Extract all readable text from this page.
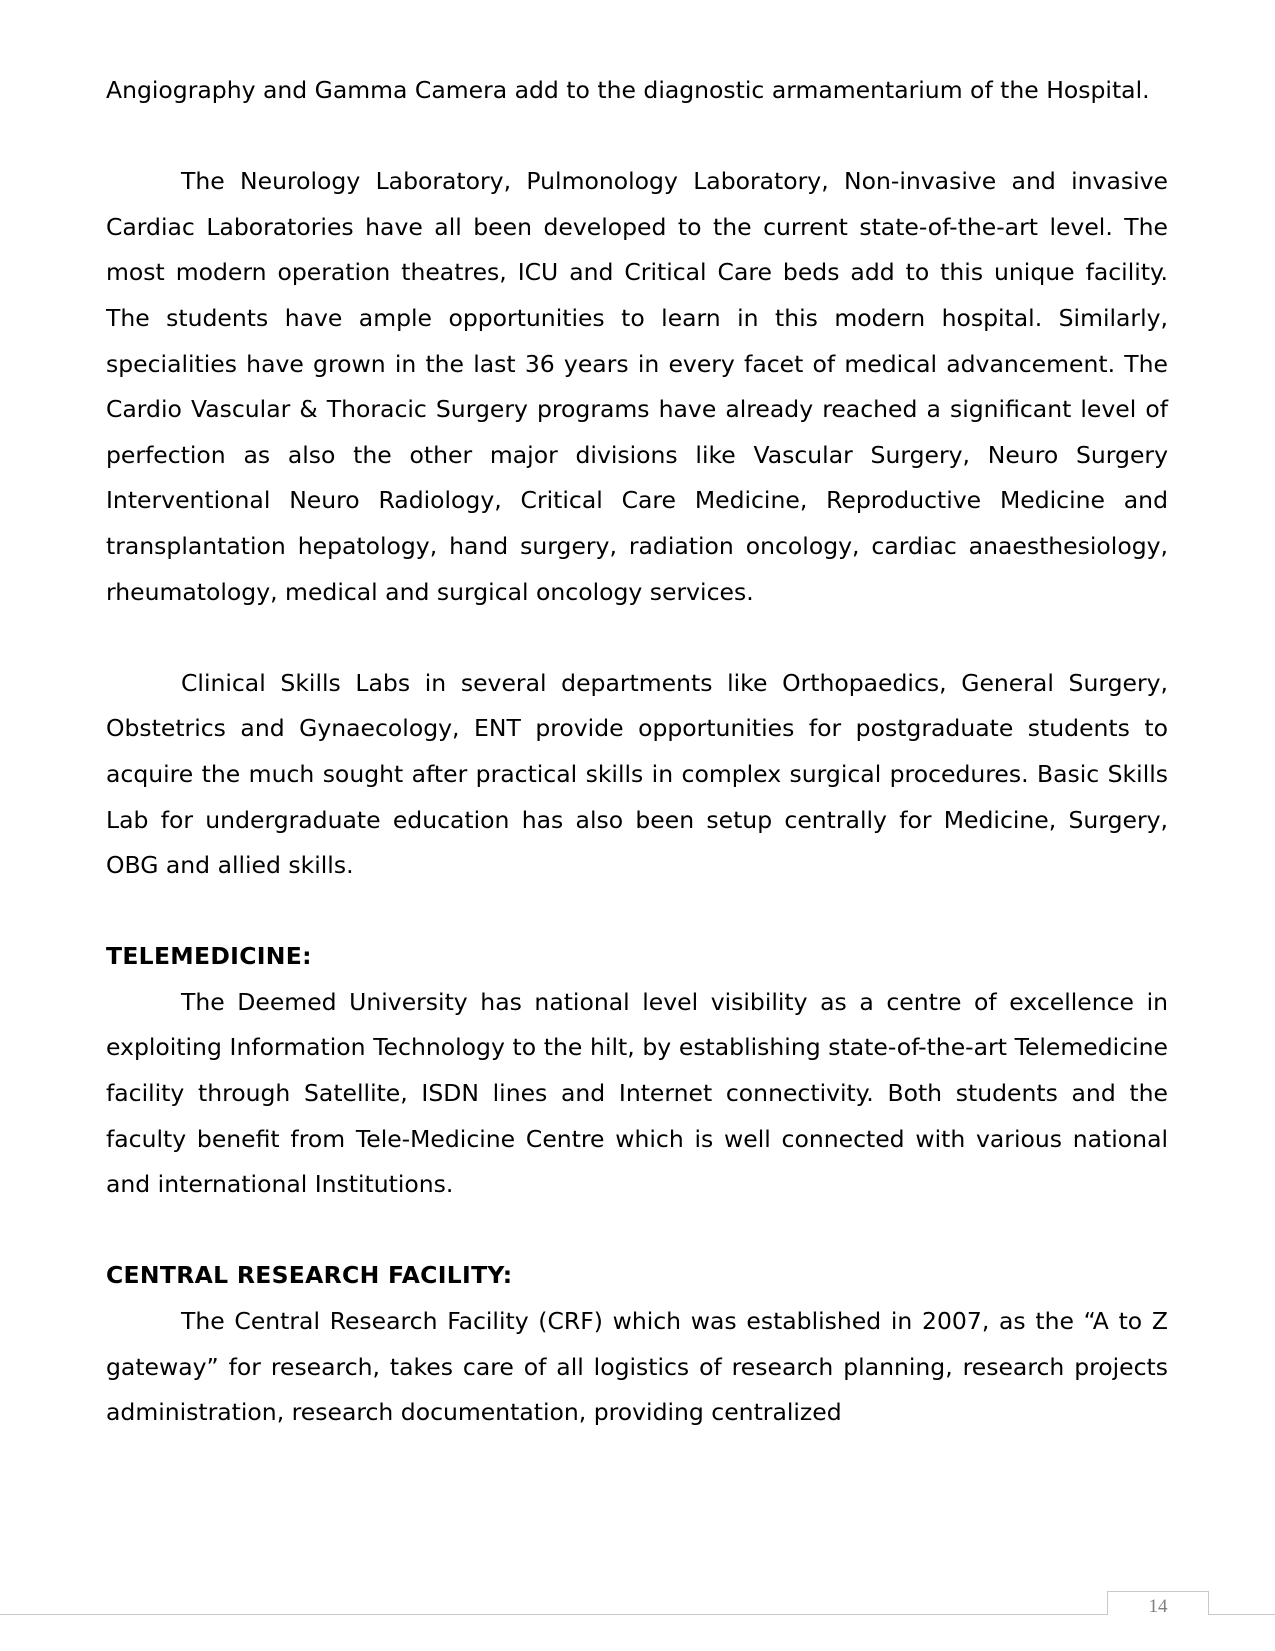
Angiography and Gamma Camera add to the diagnostic armamentarium of the Hospital.

The Neurology Laboratory, Pulmonology Laboratory, Non-invasive and invasive Cardiac Laboratories have all been developed to the current state-of-the-art level. The most modern operation theatres, ICU and Critical Care beds add to this unique facility. The students have ample opportunities to learn in this modern hospital. Similarly, specialities have grown in the last 36 years in every facet of medical advancement. The Cardio Vascular & Thoracic Surgery programs have already reached a significant level of perfection as also the other major divisions like Vascular Surgery, Neuro Surgery Interventional Neuro Radiology, Critical Care Medicine, Reproductive Medicine and transplantation hepatology, hand surgery, radiation oncology, cardiac anaesthesiology, rheumatology, medical and surgical oncology services.

Clinical Skills Labs in several departments like Orthopaedics, General Surgery, Obstetrics and Gynaecology, ENT provide opportunities for postgraduate students to acquire the much sought after practical skills in complex surgical procedures. Basic Skills Lab for undergraduate education has also been setup centrally for Medicine, Surgery, OBG and allied skills.

TELEMEDICINE:

The Deemed University has national level visibility as a centre of excellence in exploiting Information Technology to the hilt, by establishing state-of-the-art Telemedicine facility through Satellite, ISDN lines and Internet connectivity. Both students and the faculty benefit from Tele-Medicine Centre which is well connected with various national and international Institutions.

CENTRAL RESEARCH FACILITY:

The Central Research Facility (CRF) which was established in 2007, as the “A to Z gateway” for research, takes care of all logistics of research planning, research projects administration, research documentation, providing centralized

14
